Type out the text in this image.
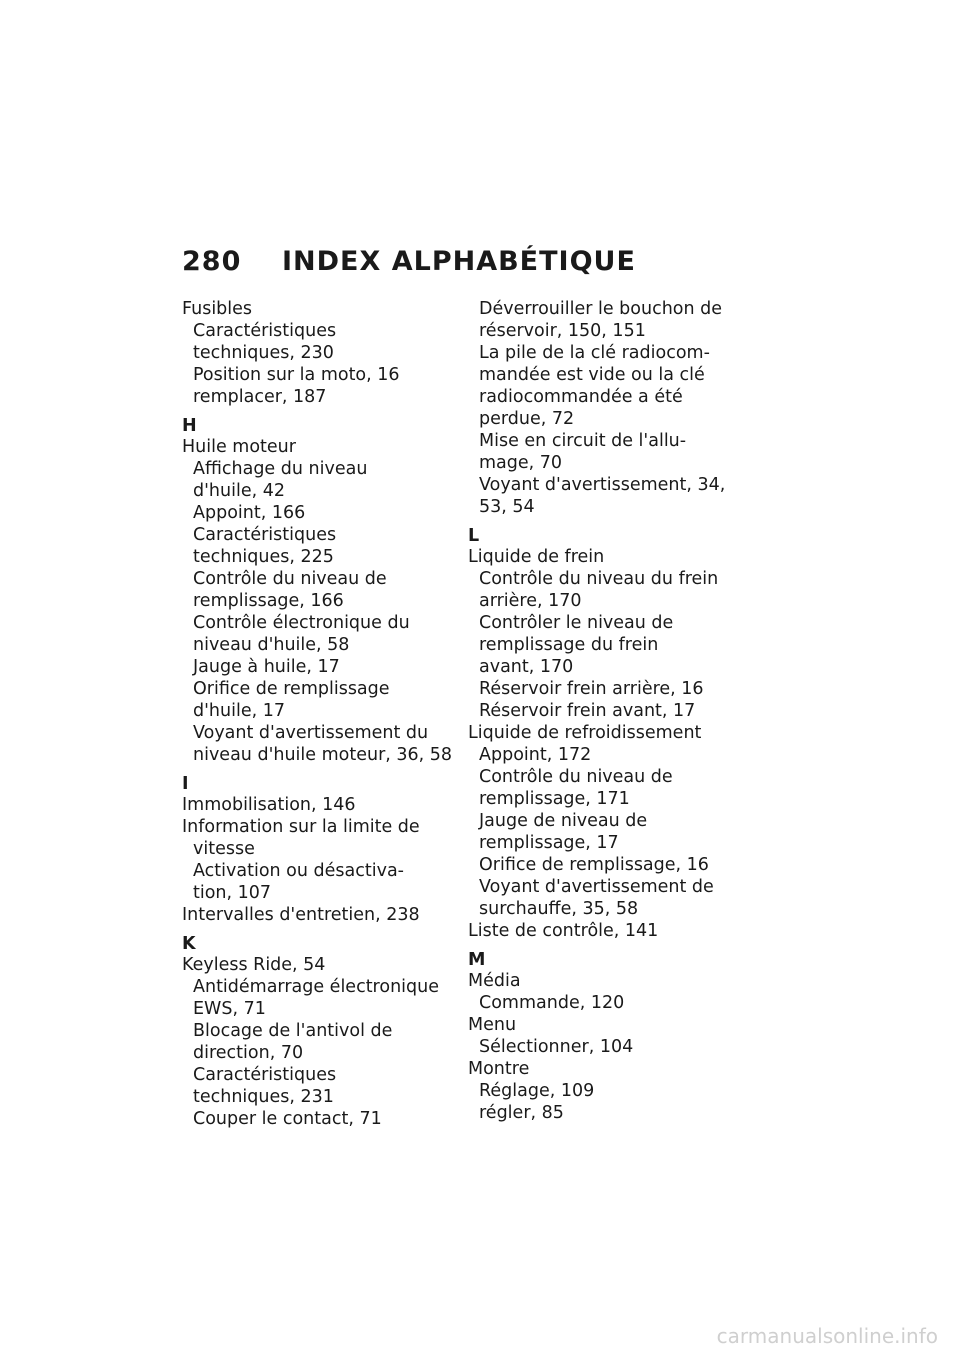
280 INDEX ALPHABÉTIQUE
Fusibles
Caractéristiques
techniques, 230
Position sur la moto, 16
remplacer, 187
H
Huile moteur
Affichage du niveau
d'huile, 42
Appoint, 166
Caractéristiques
techniques, 225
Contrôle du niveau de
remplissage, 166
Contrôle électronique du
niveau d'huile, 58
Jauge à huile, 17
Orifice de remplissage
d'huile, 17
Voyant d'avertissement du
niveau d'huile moteur, 36, 58
I
Immobilisation, 146
Information sur la limite de
vitesse
Activation ou désactiva-
tion, 107
Intervalles d'entretien, 238
K
Keyless Ride, 54
Antidémarrage électronique
EWS, 71
Blocage de l'antivol de
direction, 70
Caractéristiques
techniques, 231
Couper le contact, 71
Déverrouiller le bouchon de
réservoir, 150, 151
La pile de la clé radiocom-
mandée est vide ou la clé
radiocommandée a été
perdue, 72
Mise en circuit de l'allu-
mage, 70
Voyant d'avertissement, 34,
53, 54
L
Liquide de frein
Contrôle du niveau du frein
arrière, 170
Contrôler le niveau de
remplissage du frein
avant, 170
Réservoir frein arrière, 16
Réservoir frein avant, 17
Liquide de refroidissement
Appoint, 172
Contrôle du niveau de
remplissage, 171
Jauge de niveau de
remplissage, 17
Orifice de remplissage, 16
Voyant d'avertissement de
surchauffe, 35, 58
Liste de contrôle, 141
M
Média
Commande, 120
Menu
Sélectionner, 104
Montre
Réglage, 109
régler, 85
carmanualsonline.info
